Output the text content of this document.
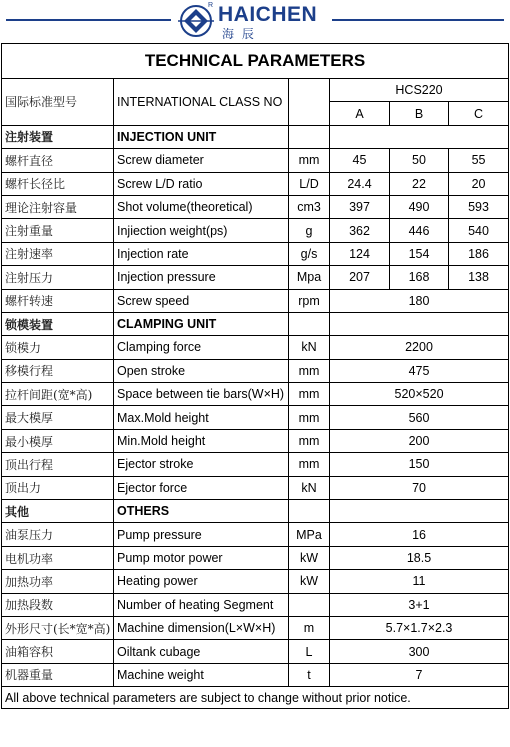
R HAICHEN
海 辰
TECHNICAL PARAMETERS					
国际标准型号	INTERNATIONAL CLASS NO		HCS220		
			A	B	C
注射装置	INJECTION UNIT				
螺杆直径	Screw diameter	mm	45	50	55
螺杆长径比	Screw L/D ratio	L/D	24.4	22	20
理论注射容量	Shot volume(theoretical)	cm3	397	490	593
注射重量	Injiection weight(ps)	g	362	446	540
注射速率	Injection rate	g/s	124	154	186
注射压力	Injection pressure	Mpa	207	168	138
螺杆转速	Screw speed	rpm	180		
锁模装置	CLAMPING UNIT				
锁模力	Clamping force	kN	2200		
移模行程	Open stroke	mm	475		
拉杆间距(宽*高)	Space between tie bars(W×H)	mm	520×520		
最大模厚	Max.Mold height	mm	560		
最小模厚	Min.Mold height	mm	200		
顶出行程	Ejector stroke	mm	150		
顶出力	Ejector force	kN	70		
其他	OTHERS				
油泵压力	Pump pressure	MPa	16		
电机功率	Pump motor power	kW	18.5		
加热功率	Heating power	kW	11		
加热段数	Number of heating Segment		3+1		
外形尺寸(长*宽*高)	Machine dimension(L×W×H)	m	5.7×1.7×2.3		
油箱容积	Oiltank cubage	L	300		
机器重量	Machine weight	t	7		
All above technical parameters are subject to change without prior notice.					
